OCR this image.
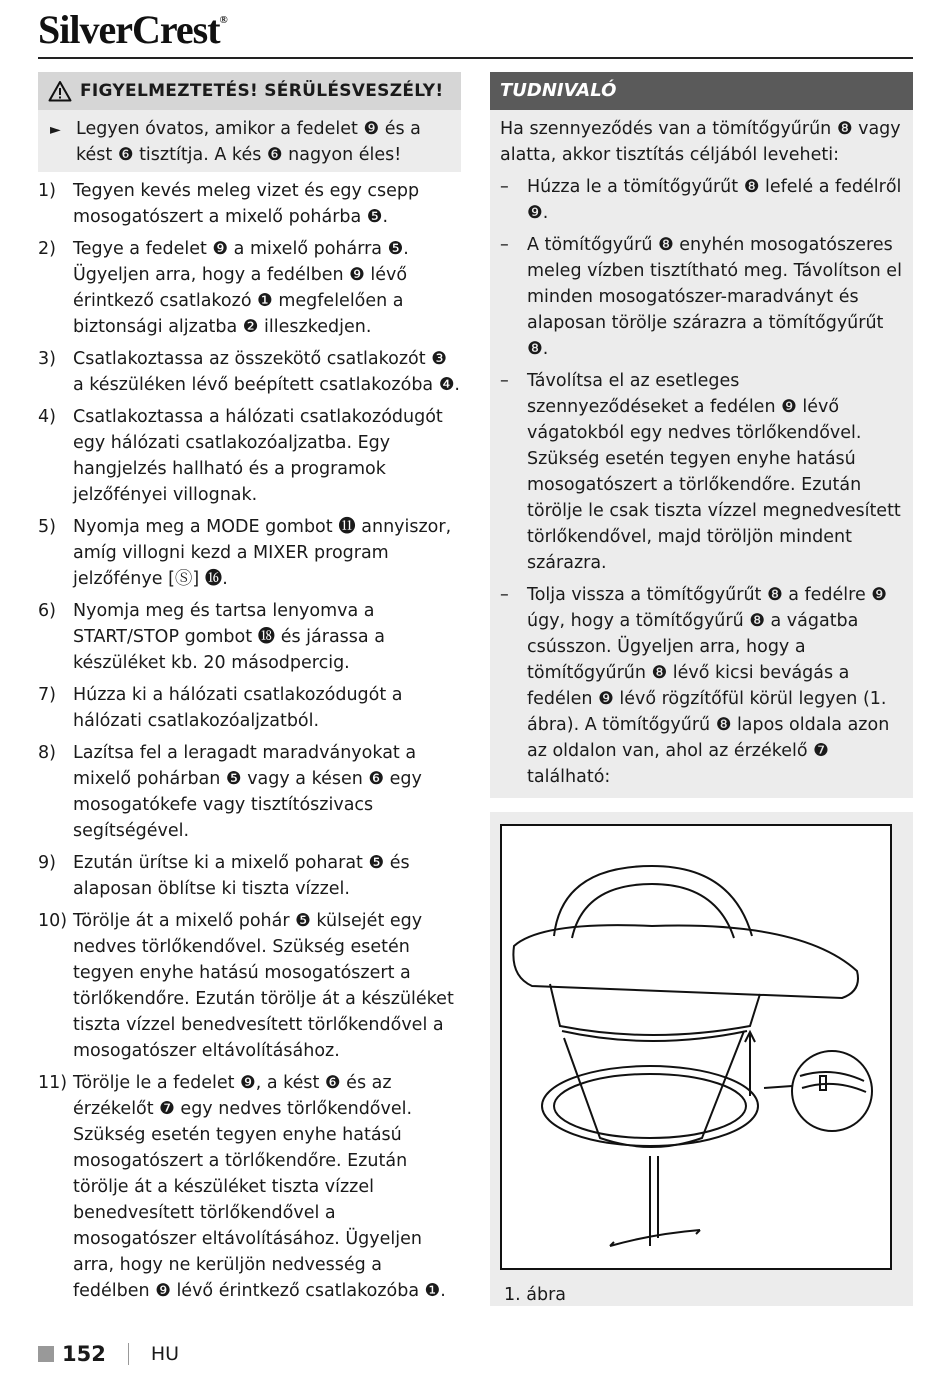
SilverCrest®
FIGYELMEZTETÉS! SÉRÜLÉSVESZÉLY!
► Legyen óvatos, amikor a fedelet ❾ és a kést ❻ tisztítja. A kés ❻ nagyon éles!
1) Tegyen kevés meleg vizet és egy csepp mosogatószert a mixelő pohárba ❺.
2) Tegye a fedelet ❾ a mixelő pohárra ❺. Ügyeljen arra, hogy a fedélben ❾ lévő érintkező csatlakozó ❶ megfelelően a biztonsági aljzatba ❷ illeszkedjen.
3) Csatlakoztassa az összekötő csatlakozót ❸ a készüléken lévő beépített csatlakozóba ❹.
4) Csatlakoztassa a hálózati csatlakozódugót egy hálózati csatlakozóaljzatba. Egy hangjelzés hallható és a programok jelzőfényei villognak.
5) Nyomja meg a MODE gombot ⓫ annyiszor, amíg villogni kezd a MIXER program jelzőfénye [Ⓢ] ⓰.
6) Nyomja meg és tartsa lenyomva a START/STOP gombot ⓲ és járassa a készüléket kb. 20 másodpercig.
7) Húzza ki a hálózati csatlakozódugót a hálózati csatlakozóaljzatból.
8) Lazítsa fel a leragadt maradványokat a mixelő pohárban ❺ vagy a késen ❻ egy mosogatókefe vagy tisztítószivacs segítségével.
9) Ezután ürítse ki a mixelő poharat ❺ és alaposan öblítse ki tiszta vízzel.
10) Törölje át a mixelő pohár ❺ külsejét egy nedves törlőkendővel. Szükség esetén tegyen enyhe hatású mosogatószert a törlőkendőre. Ezután törölje át a készüléket tiszta vízzel benedvesített törlőkendővel a mosogatószer eltávolításához.
11) Törölje le a fedelet ❾, a kést ❻ és az érzékelőt ❼ egy nedves törlőkendővel. Szükség esetén tegyen enyhe hatású mosogatószert a törlőkendőre. Ezután törölje át a készüléket tiszta vízzel benedvesített törlőkendővel a mosogatószer eltávolításához. Ügyeljen arra, hogy ne kerüljön nedvesség a fedélben ❾ lévő érintkező csatlakozóba ❶.
TUDNIVALÓ
Ha szennyeződés van a tömítőgyűrűn ❽ vagy alatta, akkor tisztítás céljából leveheti:
–	Húzza le a tömítőgyűrűt ❽ lefelé a fedélről ❾.
–	A tömítőgyűrű ❽ enyhén mosogatószeres meleg vízben tisztítható meg. Távolítson el minden mosogatószer-maradványt és alaposan törölje szárazra a tömítőgyűrűt ❽.
–	Távolítsa el az esetleges szennyeződéseket a fedélen ❾ lévő vágatokból egy nedves törlőkendővel. Szükség esetén tegyen enyhe hatású mosogatószert a törlőkendőre. Ezután törölje le csak tiszta vízzel megnedvesített törlőkendővel, majd töröljön mindent szárazra.
–	Tolja vissza a tömítőgyűrűt ❽ a fedélre ❾ úgy, hogy a tömítőgyűrű ❽ a vágatba csússzon. Ügyeljen arra, hogy a tömítőgyűrűn ❽ lévő kicsi bevágás a fedélen ❾ lévő rögzítőfül körül legyen (1. ábra). A tömítőgyűrű ❽ lapos oldala azon az oldalon van, ahol az érzékelő ❼ található:
1. ábra
152 HU
